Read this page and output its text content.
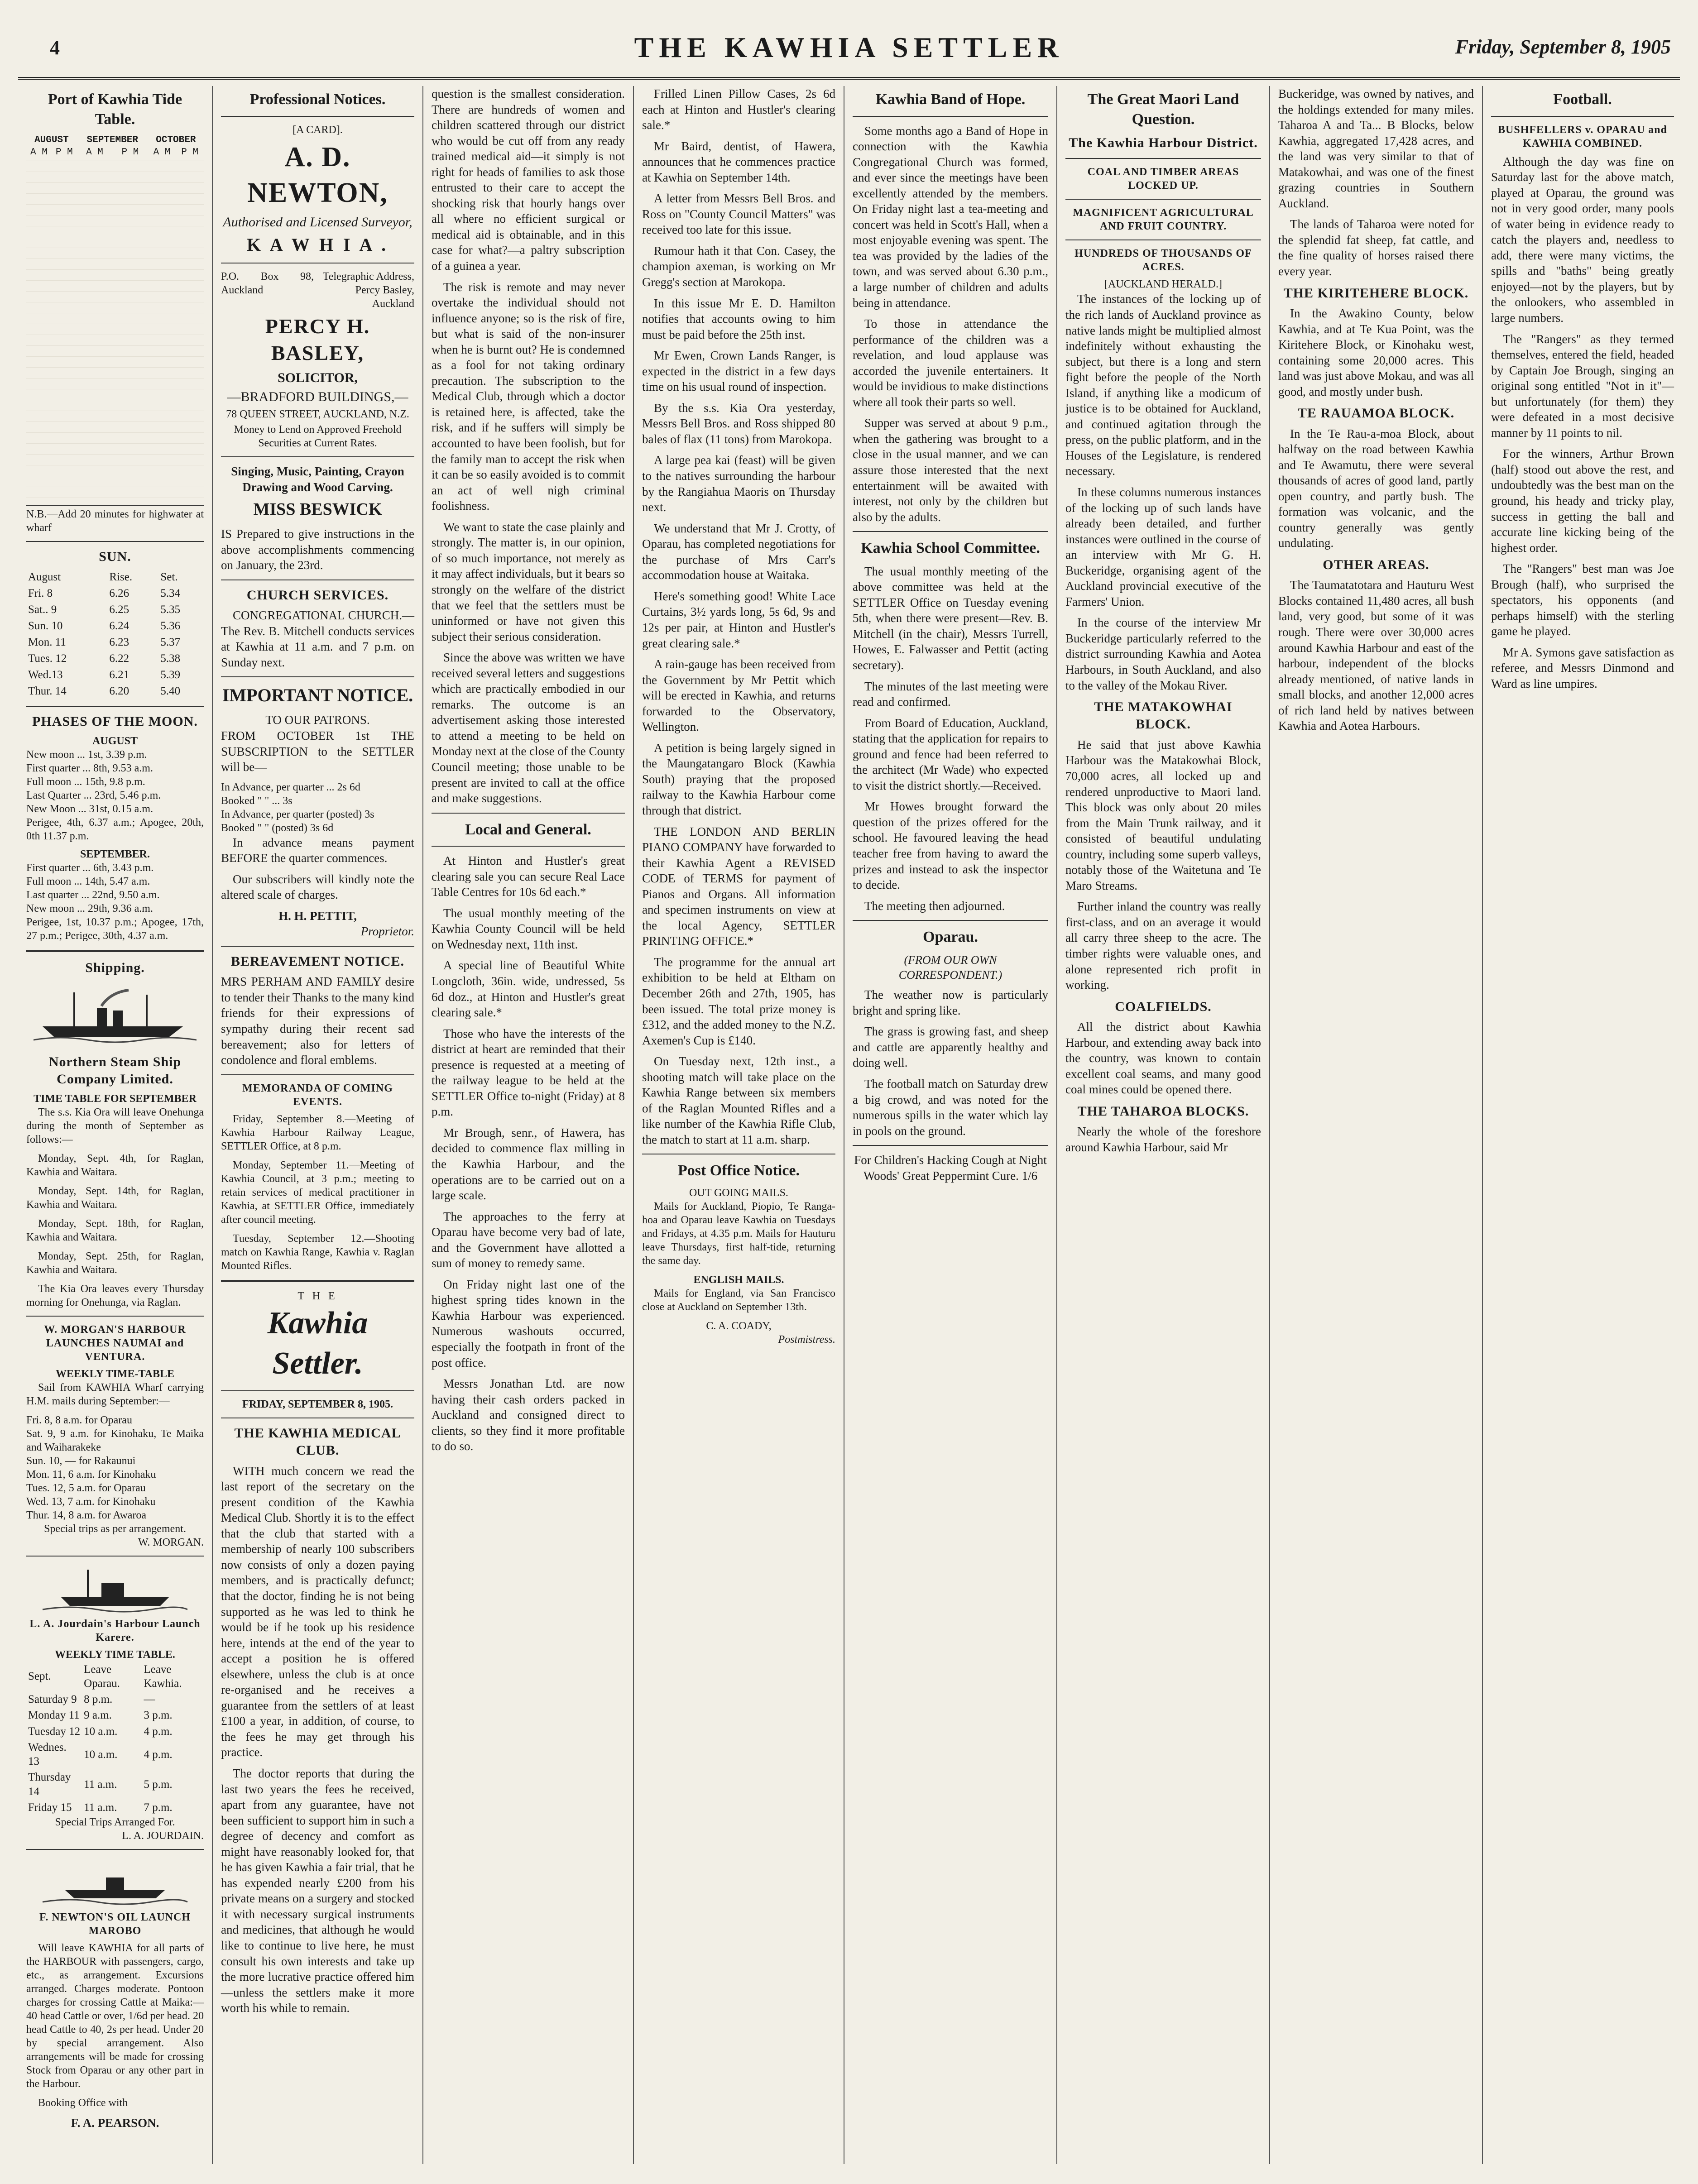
4	THE KAWHIA SETTLER	Friday, September 8, 1905
Port of Kawhia Tide Table.
AUGUST		SEPTEMBER		OCTOBER	
A M	P M	A M	P M	A M	P M

N.B.—Add 20 minutes for highwater at wharf

SUN.
August	Rise.	Set.
Fri. 8	6.26	5.34
Sat.. 9	6.25	5.35
Sun. 10	6.24	5.36
Mon. 11	6.23	5.37
Tues. 12	6.22	5.38
Wed.13	6.21	5.39
Thur. 14	6.20	5.40
PHASES OF THE MOON.
AUGUST
New moon ... 1st, 3.39 p.m.
First quarter ... 8th, 9.53 a.m.
Full moon ... 15th, 9.8 p.m.
Last Quarter ... 23rd, 5.46 p.m.
New Moon ... 31st, 0.15 a.m.
Perigee, 4th, 6.37 a.m.; Apogee, 20th, 0th 11.37 p.m.
SEPTEMBER.
First quarter ... 6th, 3.43 p.m.
Full moon ... 14th, 5.47 a.m.
Last quarter ... 22nd, 9.50 a.m.
New moon ... 29th, 9.36 a.m.
Perigee, 1st, 10.37 p.m.; Apogee, 17th, 27 p.m.; Perigee, 30th, 4.37 a.m.
Shipping.
Northern Steam Ship Company Limited.
TIME TABLE FOR SEPTEMBER

The s.s. Kia Ora will leave Onehunga during the month of September as follows:—

Monday, Sept. 4th, for Raglan, Kawhia and Waitara.

Monday, Sept. 14th, for Raglan, Kawhia and Waitara.

Monday, Sept. 18th, for Raglan, Kawhia and Waitara.

Monday, Sept. 25th, for Raglan, Kawhia and Waitara.

The Kia Ora leaves every Thursday morning for Onehunga, via Raglan.

W. MORGAN'S HARBOUR LAUNCHES NAUMAI and VENTURA.
WEEKLY TIME-TABLE

Sail from KAWHIA Wharf carrying H.M. mails during September:—

Fri. 8, 8 a.m. for Oparau
Sat. 9, 9 a.m. for Kinohaku, Te Maika and Waiharakeke
Sun. 10, — for Rakaunui
Mon. 11, 6 a.m. for Kinohaku
Tues. 12, 5 a.m. for Oparau
Wed. 13, 7 a.m. for Kinohaku
Thur. 14, 8 a.m. for Awaroa
Special trips as per arrangement.
W. MORGAN.
L. A. Jourdain's Harbour Launch Karere.
WEEKLY TIME TABLE.
Sept.	Leave Oparau.	Leave Kawhia.
Saturday 9	8 p.m.	—
Monday 11	9 a.m.	3 p.m.
Tuesday 12	10 a.m.	4 p.m.
Wednes. 13	10 a.m.	4 p.m.
Thursday 14	11 a.m.	5 p.m.
Friday 15	11 a.m.	7 p.m.
Special Trips Arranged For.
L. A. JOURDAIN.
F. NEWTON'S OIL LAUNCH MAROBO

Will leave KAWHIA for all parts of the HARBOUR with passengers, cargo, etc., as arrangement. Excursions arranged. Charges moderate. Pontoon charges for crossing Cattle at Maika:— 40 head Cattle or over, 1/6d per head. 20 head Cattle to 40, 2s per head. Under 20 by special arrangement. Also arrangements will be made for crossing Stock from Oparau or any other part in the Harbour.

Booking Office with

F. A. PEARSON.
Professional Notices.
[A CARD].
A. D. NEWTON,
Authorised and Licensed Surveyor,
K A W H I A .
P.O. Box 98, Auckland
Telegraphic Address, Percy Basley, Auckland
PERCY H. BASLEY,
SOLICITOR,
—BRADFORD BUILDINGS,—
78 QUEEN STREET, AUCKLAND, N.Z.

Money to Lend on Approved Freehold Securities at Current Rates.

Singing, Music, Painting, Crayon Drawing and Wood Carving.
MISS BESWICK

IS Prepared to give instructions in the above accomplishments commencing on January, the 23rd.

CHURCH SERVICES.

CONGREGATIONAL CHURCH.—The Rev. B. Mitchell conducts services at Kawhia at 11 a.m. and 7 p.m. on Sunday next.

IMPORTANT NOTICE.
TO OUR PATRONS.

FROM OCTOBER 1st THE SUBSCRIPTION to the SETTLER will be—

In Advance, per quarter ... 2s 6d
Booked " " ... 3s
In Advance, per quarter (posted) 3s
Booked " " (posted) 3s 6d

In advance means payment BEFORE the quarter commences.

Our subscribers will kindly note the altered scale of charges.

H. H. PETTIT,
Proprietor.
BEREAVEMENT NOTICE.

MRS PERHAM AND FAMILY desire to tender their Thanks to the many kind friends for their expressions of sympathy during their recent sad bereavement; also for letters of condolence and floral emblems.

MEMORANDA OF COMING EVENTS.

Friday, September 8.—Meeting of Kawhia Harbour Railway League, SETTLER Office, at 8 p.m.

Monday, September 11.—Meeting of Kawhia Council, at 3 p.m.; meeting to retain services of medical practitioner in Kawhia, at SETTLER Office, immediately after council meeting.

Tuesday, September 12.—Shooting match on Kawhia Range, Kawhia v. Raglan Mounted Rifles.

T H E
Kawhia Settler.
FRIDAY, SEPTEMBER 8, 1905.
THE KAWHIA MEDICAL CLUB.

WITH much concern we read the last report of the secretary on the present condition of the Kawhia Medical Club. Shortly it is to the effect that the club that started with a membership of nearly 100 subscribers now consists of only a dozen paying members, and is practically defunct; that the doctor, finding he is not being supported as he was led to think he would be if he took up his residence here, intends at the end of the year to accept a position he is offered elsewhere, unless the club is at once re-organised and he receives a guarantee from the settlers of at least £100 a year, in addition, of course, to the fees he may get through his practice.

The doctor reports that during the last two years the fees he received, apart from any guarantee, have not been sufficient to support him in such a degree of decency and comfort as might have reasonably looked for, that he has given Kawhia a fair trial, that he has expended nearly £200 from his private means on a surgery and stocked it with necessary surgical instruments and medicines, that although he would like to continue to live here, he must consult his own interests and take up the more lucrative practice offered him—unless the settlers make it more worth his while to remain.

question is the smallest consideration. There are hundreds of women and children scattered through our district who would be cut off from any ready trained medical aid—it simply is not right for heads of families to ask those entrusted to their care to accept the shocking risk that hourly hangs over all where no efficient surgical or medical aid is obtainable, and in this case for what?—a paltry subscription of a guinea a year.

The risk is remote and may never overtake the individual should not influence anyone; so is the risk of fire, but what is said of the non-insurer when he is burnt out? He is condemned as a fool for not taking ordinary precaution. The subscription to the Medical Club, through which a doctor is retained here, is affected, take the risk, and if he suffers will simply be accounted to have been foolish, but for the family man to accept the risk when it can be so easily avoided is to commit an act of well nigh criminal foolishness.

We want to state the case plainly and strongly. The matter is, in our opinion, of so much importance, not merely as it may affect individuals, but it bears so strongly on the welfare of the district that we feel that the settlers must be uninformed or have not given this subject their serious consideration.

Since the above was written we have received several letters and suggestions which are practically embodied in our remarks. The outcome is an advertisement asking those interested to attend a meeting to be held on Monday next at the close of the County Council meeting; those unable to be present are invited to call at the office and make suggestions.

Local and General.

At Hinton and Hustler's great clearing sale you can secure Real Lace Table Centres for 10s 6d each.*

The usual monthly meeting of the Kawhia County Council will be held on Wednesday next, 11th inst.

A special line of Beautiful White Longcloth, 36in. wide, undressed, 5s 6d doz., at Hinton and Hustler's great clearing sale.*

Those who have the interests of the district at heart are reminded that their presence is requested at a meeting of the railway league to be held at the SETTLER Office to-night (Friday) at 8 p.m.

Mr Brough, senr., of Hawera, has decided to commence flax milling in the Kawhia Harbour, and the operations are to be carried out on a large scale.

The approaches to the ferry at Oparau have become very bad of late, and the Government have allotted a sum of money to remedy same.

On Friday night last one of the highest spring tides known in the Kawhia Harbour was experienced. Numerous washouts occurred, especially the footpath in front of the post office.

Messrs Jonathan Ltd. are now having their cash orders packed in Auckland and consigned direct to clients, so they find it more profitable to do so.

Frilled Linen Pillow Cases, 2s 6d each at Hinton and Hustler's clearing sale.*

Mr Baird, dentist, of Hawera, announces that he commences practice at Kawhia on September 14th.

A letter from Messrs Bell Bros. and Ross on "County Council Matters" was received too late for this issue.

Rumour hath it that Con. Casey, the champion axeman, is working on Mr Gregg's section at Marokopa.

In this issue Mr E. D. Hamilton notifies that accounts owing to him must be paid before the 25th inst.

Mr Ewen, Crown Lands Ranger, is expected in the district in a few days time on his usual round of inspection.

By the s.s. Kia Ora yesterday, Messrs Bell Bros. and Ross shipped 80 bales of flax (11 tons) from Marokopa.

A large pea kai (feast) will be given to the natives surrounding the harbour by the Rangiahua Maoris on Thursday next.

We understand that Mr J. Crotty, of Oparau, has completed negotiations for the purchase of Mrs Carr's accommodation house at Waitaka.

Here's something good! White Lace Curtains, 3½ yards long, 5s 6d, 9s and 12s per pair, at Hinton and Hustler's great clearing sale.*

A rain-gauge has been received from the Government by Mr Pettit which will be erected in Kawhia, and returns forwarded to the Observatory, Wellington.

A petition is being largely signed in the Maungatangaro Block (Kawhia South) praying that the proposed railway to the Kawhia Harbour come through that district.

THE LONDON AND BERLIN PIANO COMPANY have forwarded to their Kawhia Agent a REVISED CODE of TERMS for payment of Pianos and Organs. All information and specimen instruments on view at the local Agency, SETTLER PRINTING OFFICE.*

The programme for the annual art exhibition to be held at Eltham on December 26th and 27th, 1905, has been issued. The total prize money is £312, and the added money to the N.Z. Axemen's Cup is £140.

On Tuesday next, 12th inst., a shooting match will take place on the Kawhia Range between six members of the Raglan Mounted Rifles and a like number of the Kawhia Rifle Club, the match to start at 11 a.m. sharp.

Post Office Notice.
OUT GOING MAILS.

Mails for Auckland, Piopio, Te Ranga-hoa and Oparau leave Kawhia on Tuesdays and Fridays, at 4.35 p.m. Mails for Hauturu leave Thursdays, first half-tide, returning the same day.

ENGLISH MAILS.

Mails for England, via San Francisco close at Auckland on September 13th.

C. A. COADY,
Postmistress.
Kawhia Band of Hope.

Some months ago a Band of Hope in connection with the Kawhia Congregational Church was formed, and ever since the meetings have been excellently attended by the members. On Friday night last a tea-meeting and concert was held in Scott's Hall, when a most enjoyable evening was spent. The tea was provided by the ladies of the town, and was served about 6.30 p.m., a large number of children and adults being in attendance.

To those in attendance the performance of the children was a revelation, and loud applause was accorded the juvenile entertainers. It would be invidious to make distinctions where all took their parts so well.

Supper was served at about 9 p.m., when the gathering was brought to a close in the usual manner, and we can assure those interested that the next entertainment will be awaited with interest, not only by the children but also by the adults.

Kawhia School Committee.

The usual monthly meeting of the above committee was held at the SETTLER Office on Tuesday evening 5th, when there were present—Rev. B. Mitchell (in the chair), Messrs Turrell, Howes, E. Falwasser and Pettit (acting secretary).

The minutes of the last meeting were read and confirmed.

From Board of Education, Auckland, stating that the application for repairs to ground and fence had been referred to the architect (Mr Wade) who expected to visit the district shortly.—Received.

Mr Howes brought forward the question of the prizes offered for the school. He favoured leaving the head teacher free from having to award the prizes and instead to ask the inspector to decide.

The meeting then adjourned.

Oparau.
(FROM OUR OWN CORRESPONDENT.)

The weather now is particularly bright and spring like.

The grass is growing fast, and sheep and cattle are apparently healthy and doing well.

The football match on Saturday drew a big crowd, and was noted for the numerous spills in the water which lay in pools on the ground.

For Children's Hacking Cough at Night Woods' Great Peppermint Cure. 1/6

The Great Maori Land Question.
The Kawhia Harbour District.
COAL AND TIMBER AREAS LOCKED UP.
MAGNIFICENT AGRICULTURAL AND FRUIT COUNTRY.
HUNDREDS OF THOUSANDS OF ACRES.
[AUCKLAND HERALD.]

The instances of the locking up of the rich lands of Auckland province as native lands might be multiplied almost indefinitely without exhausting the subject, but there is a long and stern fight before the people of the North Island, if anything like a modicum of justice is to be obtained for Auckland, and continued agitation through the press, on the public platform, and in the Houses of the Legislature, is rendered necessary.

In these columns numerous instances of the locking up of such lands have already been detailed, and further instances were outlined in the course of an interview with Mr G. H. Buckeridge, organising agent of the Auckland provincial executive of the Farmers' Union.

In the course of the interview Mr Buckeridge particularly referred to the district surrounding Kawhia and Aotea Harbours, in South Auckland, and also to the valley of the Mokau River.

THE MATAKOWHAI BLOCK.

He said that just above Kawhia Harbour was the Matakowhai Block, 70,000 acres, all locked up and rendered unproductive to Maori land. This block was only about 20 miles from the Main Trunk railway, and it consisted of beautiful undulating country, including some superb valleys, notably those of the Waitetuna and Te Maro Streams.

Further inland the country was really first-class, and on an average it would all carry three sheep to the acre. The timber rights were valuable ones, and alone represented rich profit in working.

COALFIELDS.

All the district about Kawhia Harbour, and extending away back into the country, was known to contain excellent coal seams, and many good coal mines could be opened there.

THE TAHAROA BLOCKS.

Nearly the whole of the foreshore around Kawhia Harbour, said Mr

Buckeridge, was owned by natives, and the holdings extended for many miles. Taharoa A and Ta... B Blocks, below Kawhia, aggregated 17,428 acres, and the land was very similar to that of Matakowhai, and was one of the finest grazing countries in Southern Auckland.

The lands of Taharoa were noted for the splendid fat sheep, fat cattle, and the fine quality of horses raised there every year.

THE KIRITEHERE BLOCK.

In the Awakino County, below Kawhia, and at Te Kua Point, was the Kiritehere Block, or Kinohaku west, containing some 20,000 acres. This land was just above Mokau, and was all good, and mostly under bush.

TE RAUAMOA BLOCK.

In the Te Rau-a-moa Block, about halfway on the road between Kawhia and Te Awamutu, there were several thousands of acres of good land, partly open country, and partly bush. The formation was volcanic, and the country generally was gently undulating.

OTHER AREAS.

The Taumatatotara and Hauturu West Blocks contained 11,480 acres, all bush land, very good, but some of it was rough. There were over 30,000 acres around Kawhia Harbour and east of the harbour, independent of the blocks already mentioned, of native lands in small blocks, and another 12,000 acres of rich land held by natives between Kawhia and Aotea Harbours.

Football.
BUSHFELLERS v. OPARAU and KAWHIA COMBINED.

Although the day was fine on Saturday last for the above match, played at Oparau, the ground was not in very good order, many pools of water being in evidence ready to catch the players and, needless to add, there were many victims, the spills and "baths" being greatly enjoyed—not by the players, but by the onlookers, who assembled in large numbers.

The "Rangers" as they termed themselves, entered the field, headed by Captain Joe Brough, singing an original song entitled "Not in it"—but unfortunately (for them) they were defeated in a most decisive manner by 11 points to nil.

For the winners, Arthur Brown (half) stood out above the rest, and undoubtedly was the best man on the ground, his heady and tricky play, success in getting the ball and accurate line kicking being of the highest order.

The "Rangers" best man was Joe Brough (half), who surprised the spectators, his opponents (and perhaps himself) with the sterling game he played.

Mr A. Symons gave satisfaction as referee, and Messrs Dinmond and Ward as line umpires.
